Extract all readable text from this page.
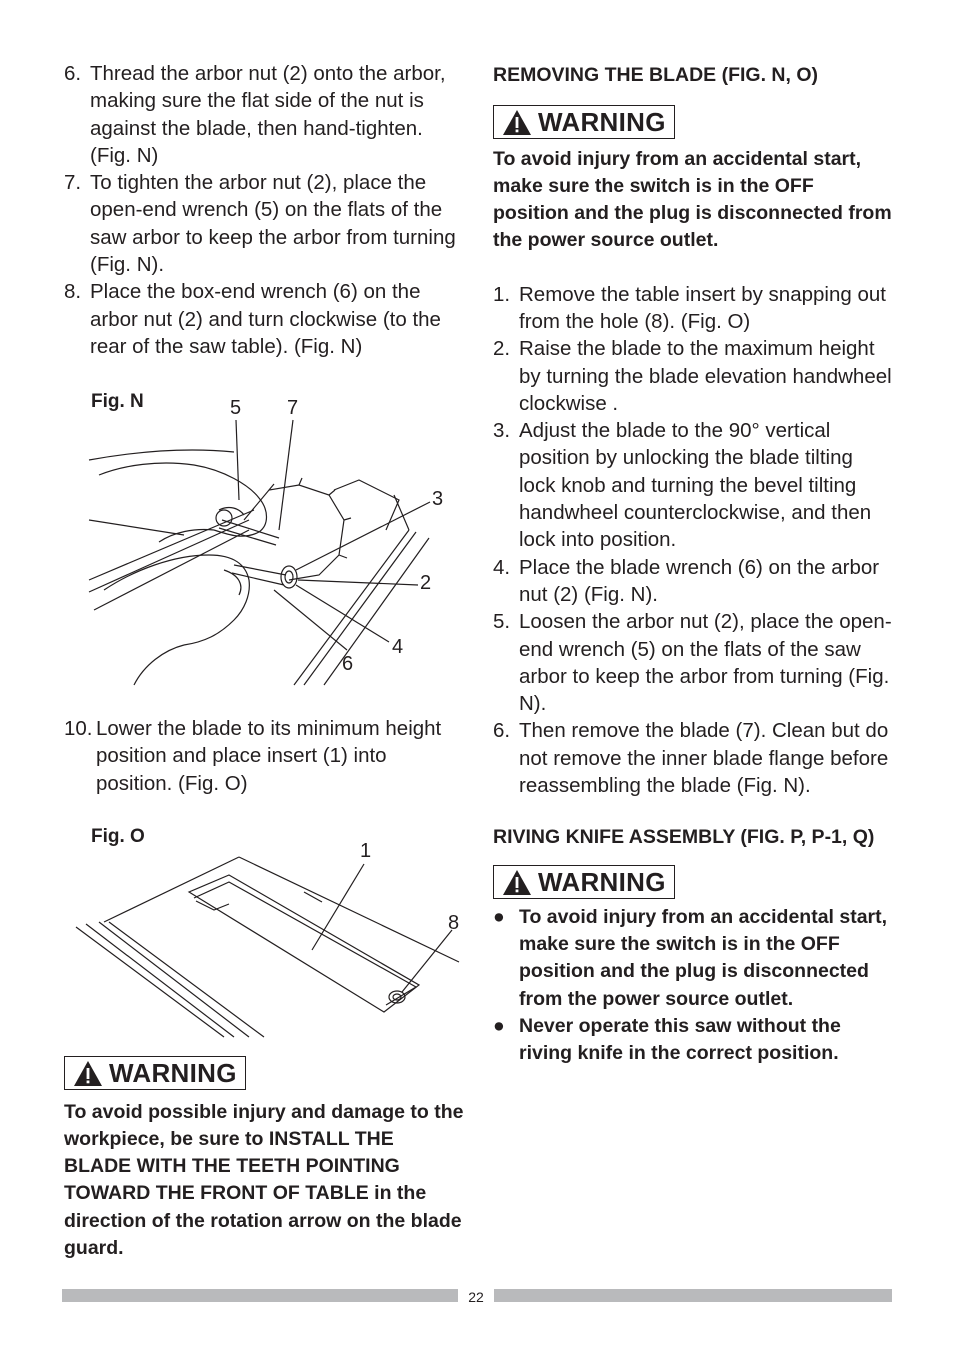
6. Thread the arbor nut (2) onto the arbor, making sure the flat side of the nut is against the blade, then hand-tighten. (Fig. N)
7. To tighten the arbor nut (2), place the open-end wrench (5) on the flats of the saw arbor to keep the arbor from turning (Fig. N).
8. Place the box-end wrench (6) on the arbor nut (2) and turn clockwise (to the rear of the saw table). (Fig. N)
Fig. N	5 7
3
2
4
6
10. Lower the blade to its minimum height position and place insert (1) into position. (Fig. O)
Fig. O
1
8
WARNING

To avoid possible injury and damage to the workpiece, be sure to INSTALL THE BLADE WITH THE TEETH POINTING TOWARD THE FRONT OF TABLE in the direction of the rotation arrow on the blade guard.

REMOVING THE BLADE (FIG. N, O)

WARNING

To avoid injury from an accidental start, make sure the switch is in the OFF position and the plug is disconnected from the power source outlet.

1. Remove the table insert by snapping out from the hole (8). (Fig. O)
2. Raise the blade to the maximum height by turning the blade elevation handwheel clockwise .
3. Adjust the blade to the 90° vertical position by unlocking the blade tilting lock knob and turning the bevel tilting handwheel counterclockwise, and then lock into position.
4. Place the blade wrench (6) on the arbor nut (2) (Fig. N).
5. Loosen the arbor nut (2), place the open-end wrench (5) on the flats of the saw arbor to keep the arbor from turning (Fig. N).
6. Then remove the blade (7). Clean but do not remove the inner blade flange before reassembling the blade (Fig. N).

RIVING KNIFE ASSEMBLY (FIG. P, P-1, Q)

WARNING
● To avoid injury from an accidental start, make sure the switch is in the OFF position and the plug is disconnected from the power source outlet.
● Never operate this saw without the riving knife in the correct position.
22
